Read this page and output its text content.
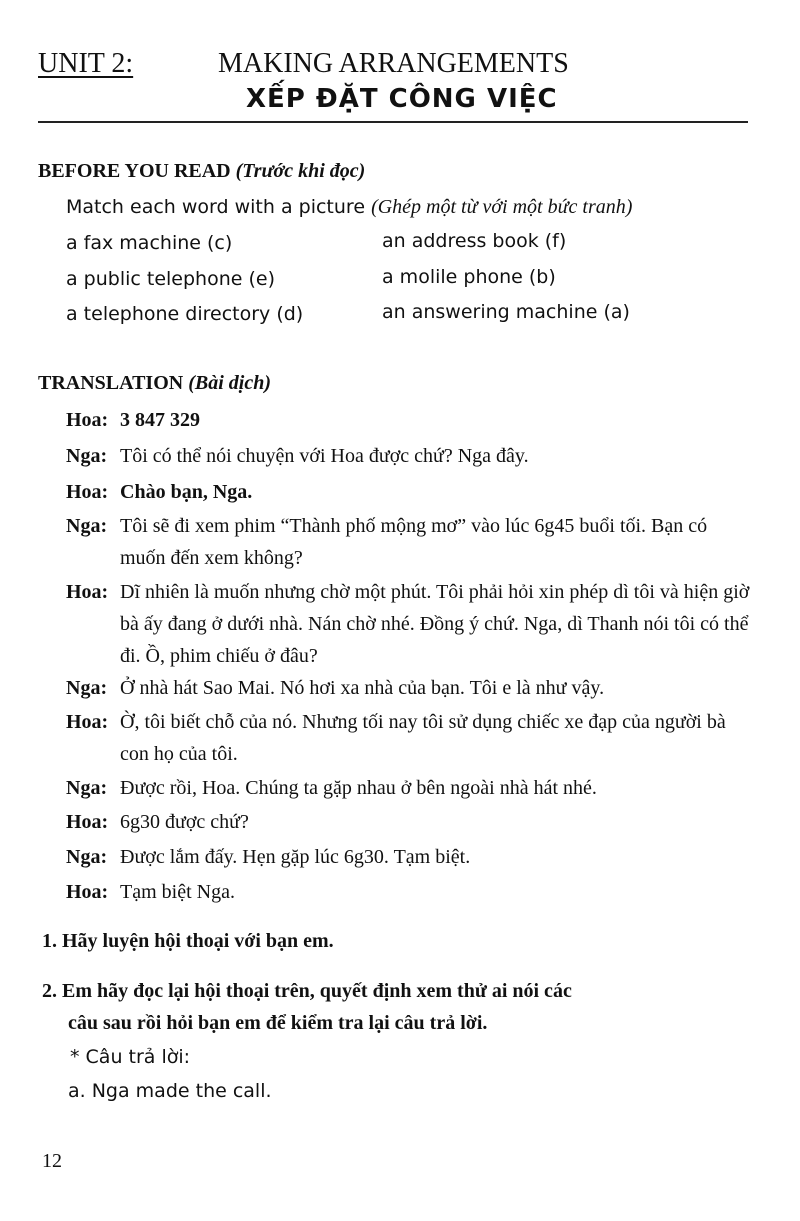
UNIT 2:	MAKING ARRANGEMENTS
XẾP ĐẶT CÔNG VIỆC
BEFORE YOU READ (Trước khi đọc)
Match each word with a picture (Ghép một từ với một bức tranh)
a fax machine (c)
a public telephone (e)
a telephone directory (d)
an address book (f)
a molile phone (b)
an answering machine (a)
TRANSLATION (Bài dịch)
Hoa: 3 847 329
Nga: Tôi có thể nói chuyện với Hoa được chứ? Nga đây.
Hoa: Chào bạn, Nga.
Nga: Tôi sẽ đi xem phim “Thành phố mộng mơ” vào lúc 6g45 buổi tối. Bạn có muốn đến xem không?
Hoa: Dĩ nhiên là muốn nhưng chờ một phút. Tôi phải hỏi xin phép dì tôi và hiện giờ bà ấy đang ở dưới nhà. Nán chờ nhé. Đồng ý chứ. Nga, dì Thanh nói tôi có thể đi. Ồ, phim chiếu ở đâu?
Nga: Ở nhà hát Sao Mai. Nó hơi xa nhà của bạn. Tôi e là như vậy.
Hoa: Ờ, tôi biết chỗ của nó. Nhưng tối nay tôi sử dụng chiếc xe đạp của người bà con họ của tôi.
Nga: Được rồi, Hoa. Chúng ta gặp nhau ở bên ngoài nhà hát nhé.
Hoa: 6g30 được chứ?
Nga: Được lắm đấy. Hẹn gặp lúc 6g30. Tạm biệt.
Hoa: Tạm biệt Nga.
1. Hãy luyện hội thoại với bạn em.
2. Em hãy đọc lại hội thoại trên, quyết định xem thử ai nói các
câu sau rồi hỏi bạn em để kiểm tra lại câu trả lời.
* Câu trả lời:
a. Nga made the call.
12
